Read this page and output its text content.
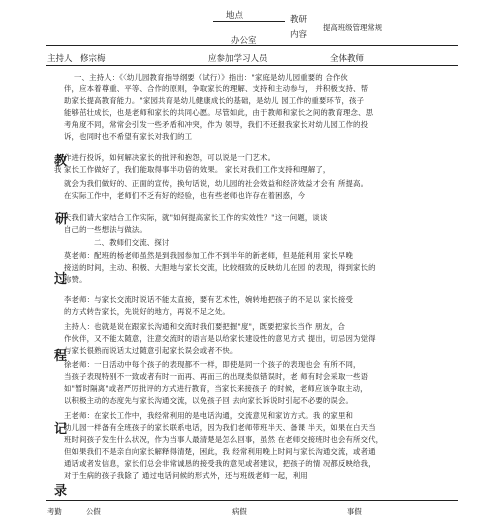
地点	教研
内容
提高班级管理常规
办公室
主持人 修宗梅	应参加学习人员	全体教师
教
研
过
程
记
录
一、主持人：《〈幼儿园教育指导纲要（试行）》指出："家庭是幼儿园重要的 合作伙
伴，应本着尊重、平等、合作的原则，争取家长的理解、支持和主动参与， 并积极支持、帮
助家长提高教育能力。"家园共育是幼儿健康成长的基础，是幼儿 园工作的重要环节，孩子
能够茁壮成长，也是老师和家长的共同心愿。尽管如此，由于教师和家长之间的教育理念、思
考角度不同，常常会引发一些矛盾和冲突，作为 领导，我们不还报我家长对幼儿园工作的投
诉，也同时也不希望有家长对我们的工
作进行投诉，如何解决家长的批评和抱怨，可以说是一门艺术。
我 家长工作做好了，我们能取得事半功倍的效果。 家长对我们工作支持和理解了，
就会为我们做好的、正面的宣传，换句话说，幼儿园的社会效益和经济效益才会有 所提高。
在实际工作中，老师们不乏有好的经验，也有些老师也许存在着困惑，今
天我们请大家结合工作实际，就"如何提高家长工作的实效性？"这一问题，谈谈
自己的一些想法与做法。
二、教师们交流、探讨
莫老师：配班的杨老师虽然是到我园参加工作不到半年的新老师，但是能利用 家长早晚
接送的时间，主动、积极、大胆地与家长交流，比较细致的反映幼儿在园 的表现，得到家长的
称赞。
李老师：与家长交流时说话不能太直接，要有艺术性，婉转地把孩子的不足以 家长接受
的方式转告家长，先说好的地方，再说不足之处。
主持人：也就是说在跟家长沟通和交流时我们要把握"度"，既要把家长当作 朋友，合
作伙伴，又不能太随意，注意交流时的语言是以给家长建设性的意见方式 提出，切忌因为觉得
与家长很熟而说话太过随意引起家长误会或者不快。
徐老师：一日活动中每个孩子的表现都不一样，即使是同一个孩子的表现也会 有所不同，
当孩子表现特别不一致或者有时一而再、再而三的出现类似错误时，老 师有时会采取一些语
如"暂时隔离"或者严厉批评的方式进行教育，当家长来接孩子 的时候，老师应该争取主动，
以积极主动的态度先与家长沟通交流，以免孩子回 去向家长诉说时引起不必要的误会。
王老师：在家长工作中，我经常利用的是电话沟通，交流意见和家访方式。我 的家里和
幼儿园一样备有全班孩子的家长联系电话，因为我们老师带班半天、备课 半天，如果在白天当
班时间孩子发生什么状况，作为当事人最清楚是怎么回事，虽然 在老师交接班时也会有所交代，
但如果我们不是亲自向家长解释得清楚，困此，我 经常利用晚上时间与家长沟通交流，或者通
通话或者发信息，家长们总会非常诚恳的接受我的意见或者建议，把孩子的情 况都反映给我，
对于生病的孩子我除了 通过电话问候的形式外，还与班级老师一起，利用
考勤	公假	病假	事假
